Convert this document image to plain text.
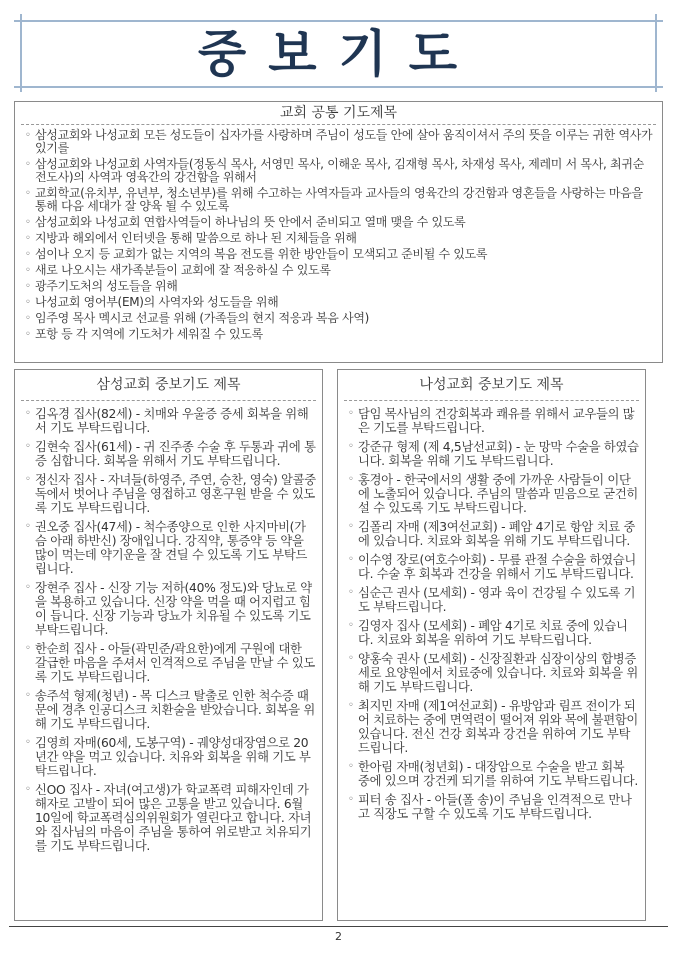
중보기도
교회 공통 기도제목
◦ 삼성교회와 나성교회 모든 성도들이 십자가를 사랑하며 주님이 성도들 안에 살아 움직이셔서 주의 뜻을 이루는 귀한 역사가 있기를
◦ 삼성교회와 나성교회 사역자들(정동식 목사, 서영민 목사, 이해운 목사, 김재형 목사, 차재성 목사, 제레미 서 목사, 최귀순 전도사)의 사역과 영육간의 강건함을 위해서
◦ 교회학교(유치부, 유년부, 청소년부)를 위해 수고하는 사역자들과 교사들의 영육간의 강건함과 영혼들을 사랑하는 마음을 통해 다음 세대가 잘 양육 될 수 있도록
◦ 삼성교회와 나성교회 연합사역들이 하나님의 뜻 안에서 준비되고 열매 맺을 수 있도록
◦ 지방과 해외에서 인터넷을 통해 말씀으로 하나 된 지체들을 위해
◦ 섬이나 오지 등 교회가 없는 지역의 복음 전도를 위한 방안들이 모색되고 준비될 수 있도록
◦ 새로 나오시는 새가족분들이 교회에 잘 적응하실 수 있도록
◦ 광주기도처의 성도들을 위해
◦ 나성교회 영어부(EM)의 사역자와 성도들을 위해
◦ 임주영 목사 멕시코 선교를 위해 (가족들의 현지 적응과 복음 사역)
◦ 포항 등 각 지역에 기도처가 세워질 수 있도록
삼성교회 중보기도 제목
◦ 김옥경 집사(82세) - 치매와 우울증 증세 회복을 위해서 기도 부탁드립니다.
◦ 김현숙 집사(61세) - 귀 진주종 수술 후 두통과 귀에 통증 심합니다. 회복을 위해서 기도 부탁드립니다.
◦ 정신자 집사 - 자녀들(하영주, 주연, 승찬, 영숙) 알콜중독에서 벗어나 주님을 영접하고 영혼구원 받을 수 있도록 기도 부탁드립니다.
◦ 권오중 집사(47세) - 척수종양으로 인한 사지마비(가슴 아래 하반신) 장애입니다. 강직약, 통증약 등 약을 많이 먹는데 약기운을 잘 견딜 수 있도록 기도 부탁드립니다.
◦ 장현주 집사 - 신장 기능 저하(40% 정도)와 당뇨로 약을 복용하고 있습니다. 신장 약을 먹을 때 어지럽고 힘이 듭니다. 신장 기능과 당뇨가 치유될 수 있도록 기도 부탁드립니다.
◦ 한순희 집사 - 아들(곽민준/곽요한)에게 구원에 대한 갈급한 마음을 주셔서 인격적으로 주님을 만날 수 있도록 기도 부탁드립니다.
◦ 송주석 형제(청년) - 목 디스크 탈출로 인한 척수증 때문에 경추 인공디스크 치환술을 받았습니다. 회복을 위해 기도 부탁드립니다.
◦ 김영희 자매(60세, 도봉구역) - 궤양성대장염으로 20년간 약을 먹고 있습니다. 치유와 회복을 위해 기도 부탁드립니다.
◦ 신OO 집사 - 자녀(여고생)가 학교폭력 피해자인데 가해자로 고발이 되어 많은 고통을 받고 있습니다. 6월 10일에 학교폭력심의위원회가 열린다고 합니다. 자녀와 집사님의 마음이 주님을 통하여 위로받고 치유되기를 기도 부탁드립니다.
나성교회 중보기도 제목
◦ 담임 목사님의 건강회복과 쾌유를 위해서 교우들의 많은 기도를 부탁드립니다.
◦ 강준규 형제 (제 4,5남선교회) - 눈 망막 수술을 하였습니다. 회복을 위해 기도 부탁드립니다.
◦ 홍경아 - 한국에서의 생활 중에 가까운 사람들이 이단에 노출되어 있습니다. 주님의 말씀과 믿음으로 굳건히 설 수 있도록 기도 부탁드립니다.
◦ 김폴리 자매 (제3여선교회) - 폐암 4기로 항암 치료 중에 있습니다. 치료와 회복을 위해 기도 부탁드립니다.
◦ 이수영 장로(여호수아회) - 무릎 관절 수술을 하였습니다. 수술 후 회복과 건강을 위해서 기도 부탁드립니다.
◦ 심순근 권사 (모세회) - 영과 육이 건강될 수 있도록 기도 부탁드립니다.
◦ 김영자 집사 (모세회) - 폐암 4기로 치료 중에 있습니다. 치료와 회복을 위하여 기도 부탁드립니다.
◦ 양홍숙 권사 (모세회) - 신장질환과 심장이상의 합병증세로 요양원에서 치료중에 있습니다. 치료와 회복을 위해 기도 부탁드립니다.
◦ 최지민 자매 (제1여선교회) - 유방암과 림프 전이가 되어 치료하는 중에 면역력이 떨어져 위와 목에 불편함이 있습니다. 전신 건강 회복과 강건을 위하여 기도 부탁드립니다.
◦ 한아림 자매(청년회) - 대장암으로 수술을 받고 회복 중에 있으며 강건케 되기를 위하여 기도 부탁드립니다.
◦ 피터 송 집사 - 아들(폴 송)이 주님을 인격적으로 만나고 직장도 구할 수 있도록 기도 부탁드립니다.
2
